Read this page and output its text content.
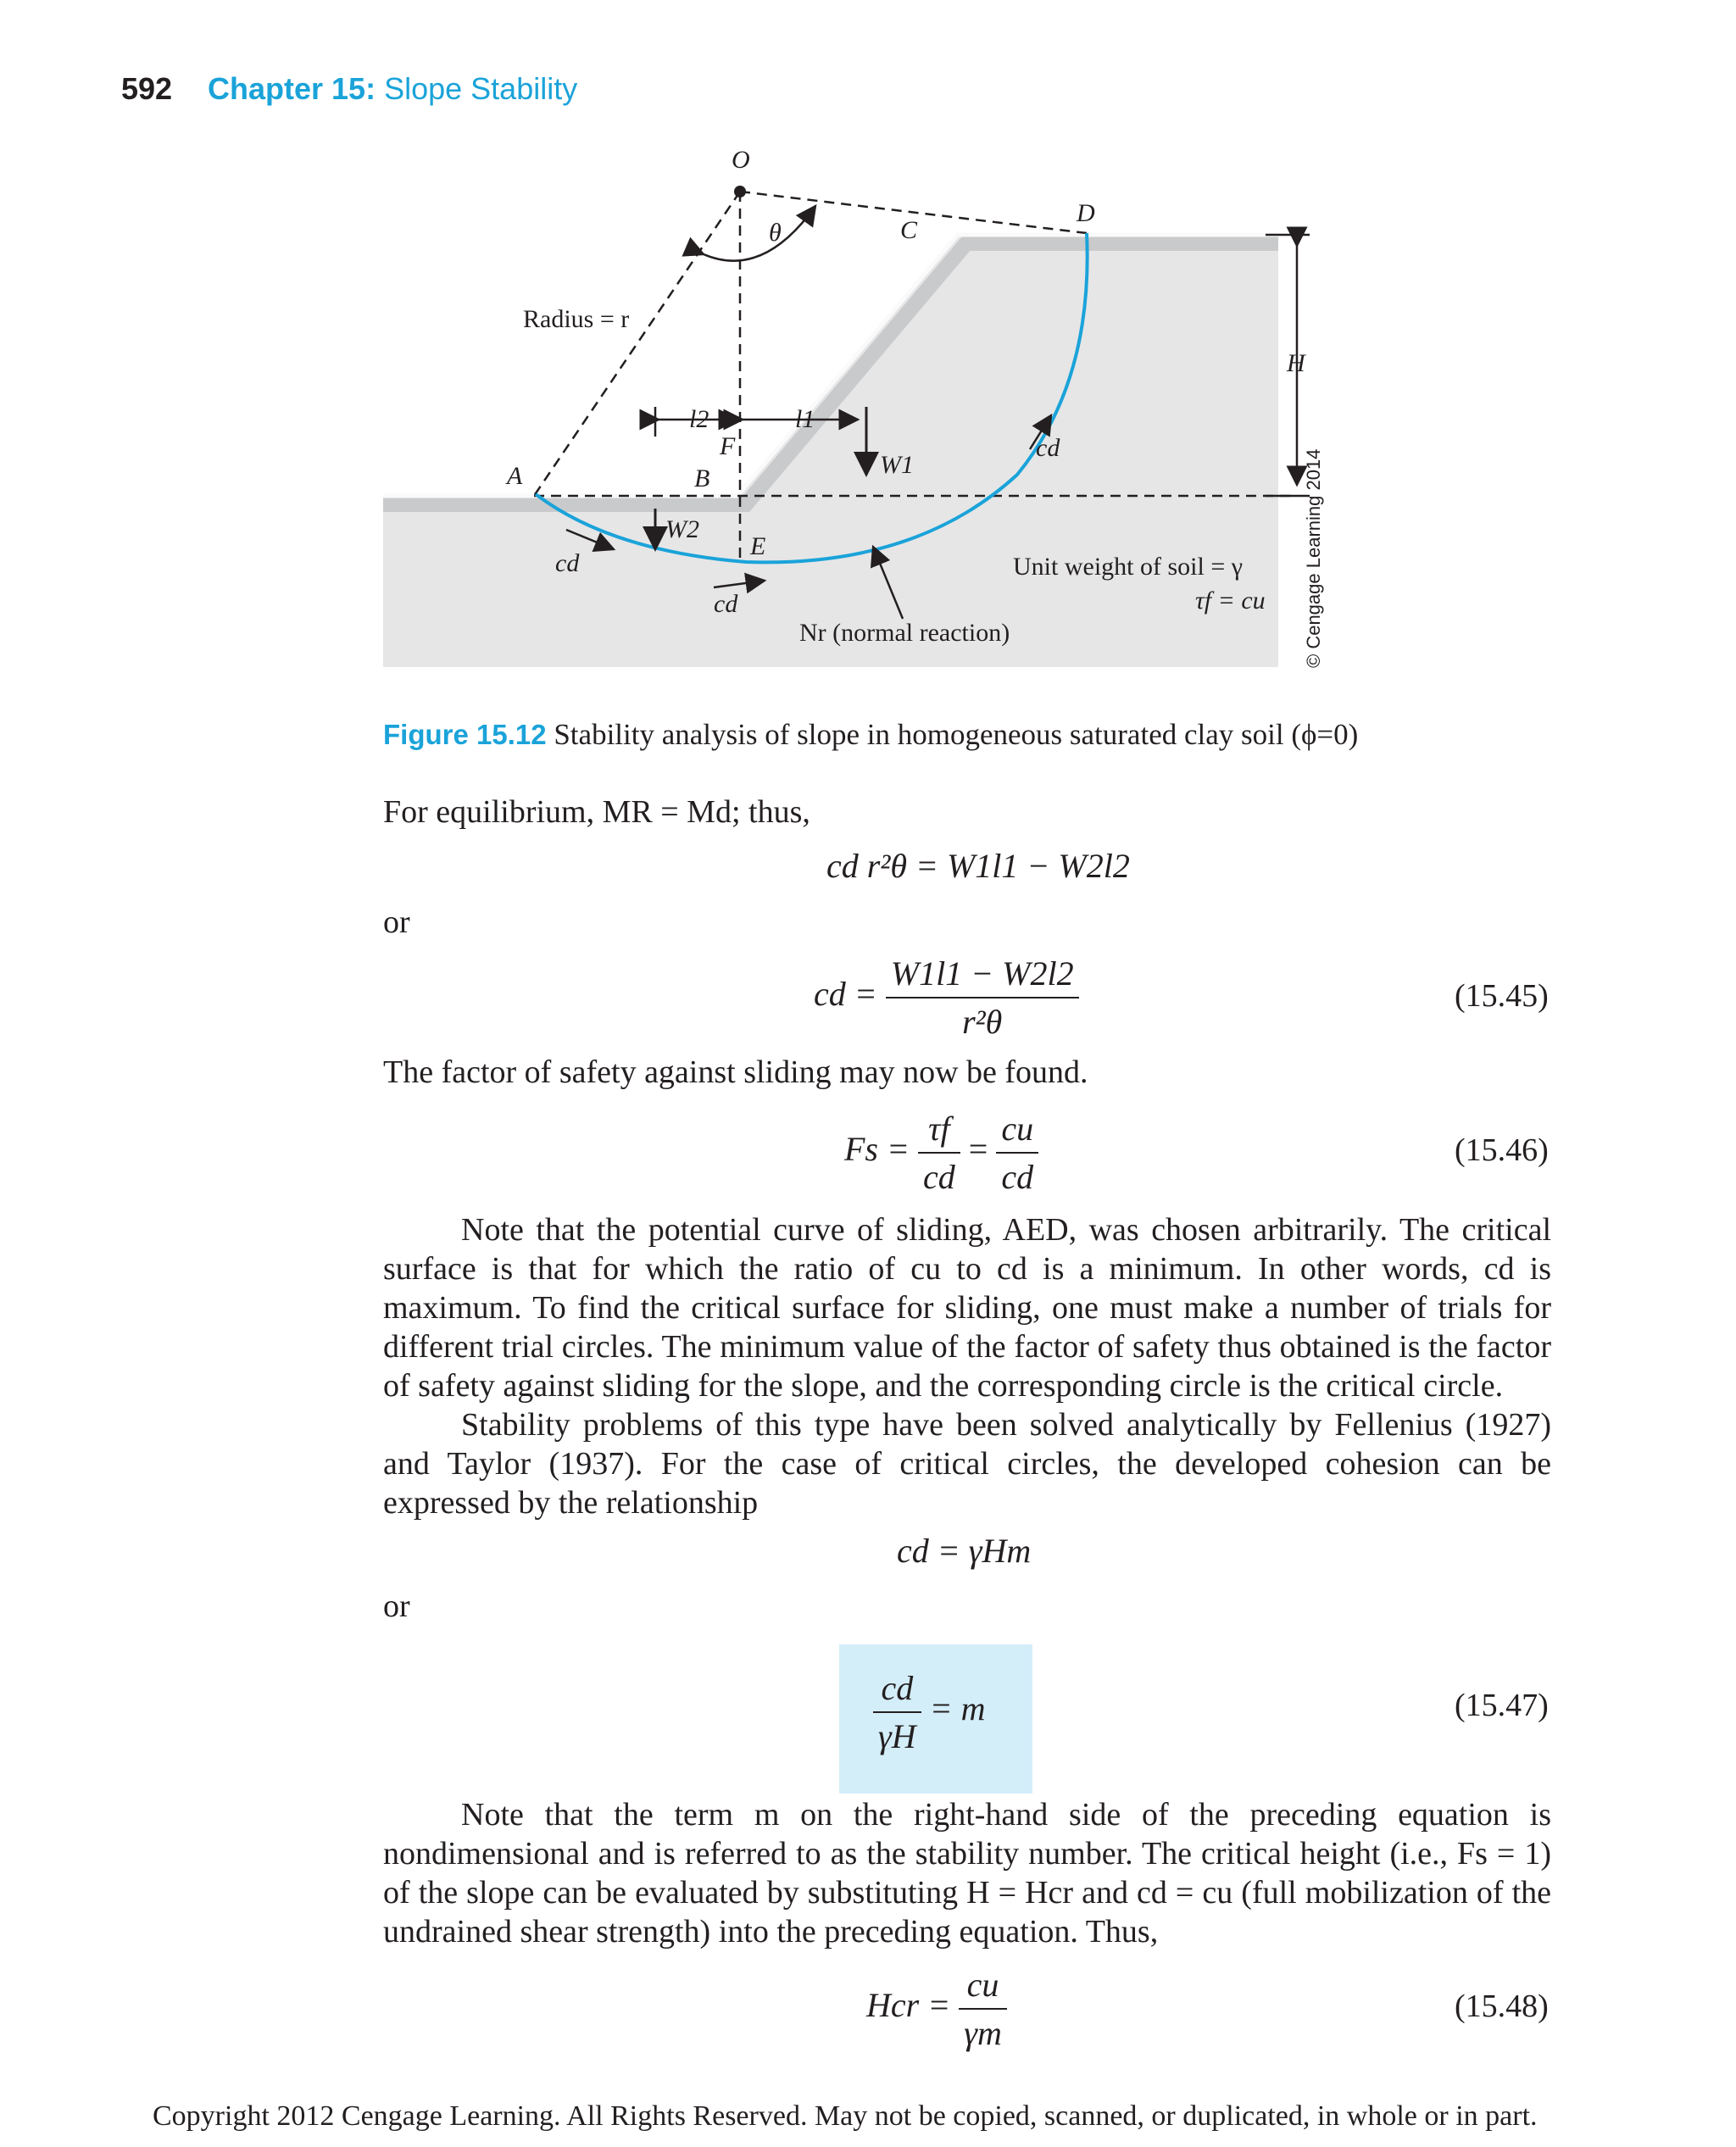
592 Chapter 15: Slope Stability
O
θ	C
D
H
Radius = r
l2	l1
F
W1
cd
A	B
W2
E
cd
cd
Unit weight of soil = γ
τf = cu
Nr (normal reaction)	© Cengage Learning 2014
Figure 15.12 Stability analysis of slope in homogeneous saturated clay soil (ϕ=0)
For equilibrium, MR = Md; thus,
cd r²θ = W1l1 − W2l2
or
cd = $\frac{W1l1 - W2l2}{\text{r²θ}}$	(15.45)
The factor of safety against sliding may now be found.
$Fs = \frac{\tau f}{cd} = \frac{cu}{cd}$	(15.46)
Note that the potential curve of sliding, AED, was chosen arbitrarily. The critical surface is that for which the ratio of cu to cd is a minimum. In other words, cd is maximum. To find the critical surface for sliding, one must make a number of trials for different trial circles. The minimum value of the factor of safety thus obtained is the factor of safety against sliding for the slope, and the corresponding circle is the critical circle.
Stability problems of this type have been solved analytically by Fellenius (1927) and Taylor (1937). For the case of critical circles, the developed cohesion can be expressed by the relationship
cd = γHm
or
$\frac{cd}{\gamma H} = m$	(15.47)
Note that the term m on the right-hand side of the preceding equation is nondimensional and is referred to as the stability number. The critical height (i.e., Fs = 1) of the slope can be evaluated by substituting H = Hcr and cd = cu (full mobilization of the undrained shear strength) into the preceding equation. Thus,
Hcr = $\frac{cu}{\gamma m}$	(15.48)
Copyright 2012 Cengage Learning. All Rights Reserved. May not be copied, scanned, or duplicated, in whole or in part.
